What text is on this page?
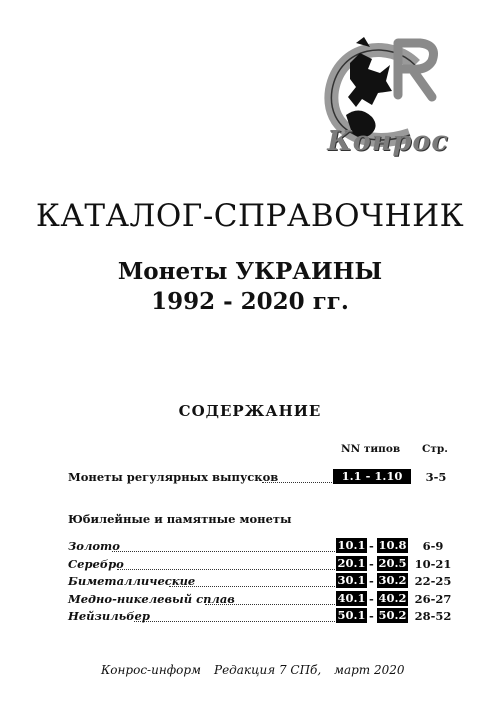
Конрос
КАТАЛОГ-СПРАВОЧНИК
Монеты УКРАИНЫ
1992 - 2020 гг.
СОДЕРЖАНИЕ
NN типов Стр.
Монеты регулярных выпусков	1.1 - 1.10	3-5
Юбилейные и памятные монеты
Золото	10.1 - 10.8	6-9
Серебро	20.1 - 20.5 10-21
Биметаллические	30.1 - 30.2 22-25
Медно-никелевый сплав	40.1 - 40.2 26-27
Нейзильбер	50.1 - 50.2 28-52
Конрос-информ Редакция 7 СПб, март 2020
